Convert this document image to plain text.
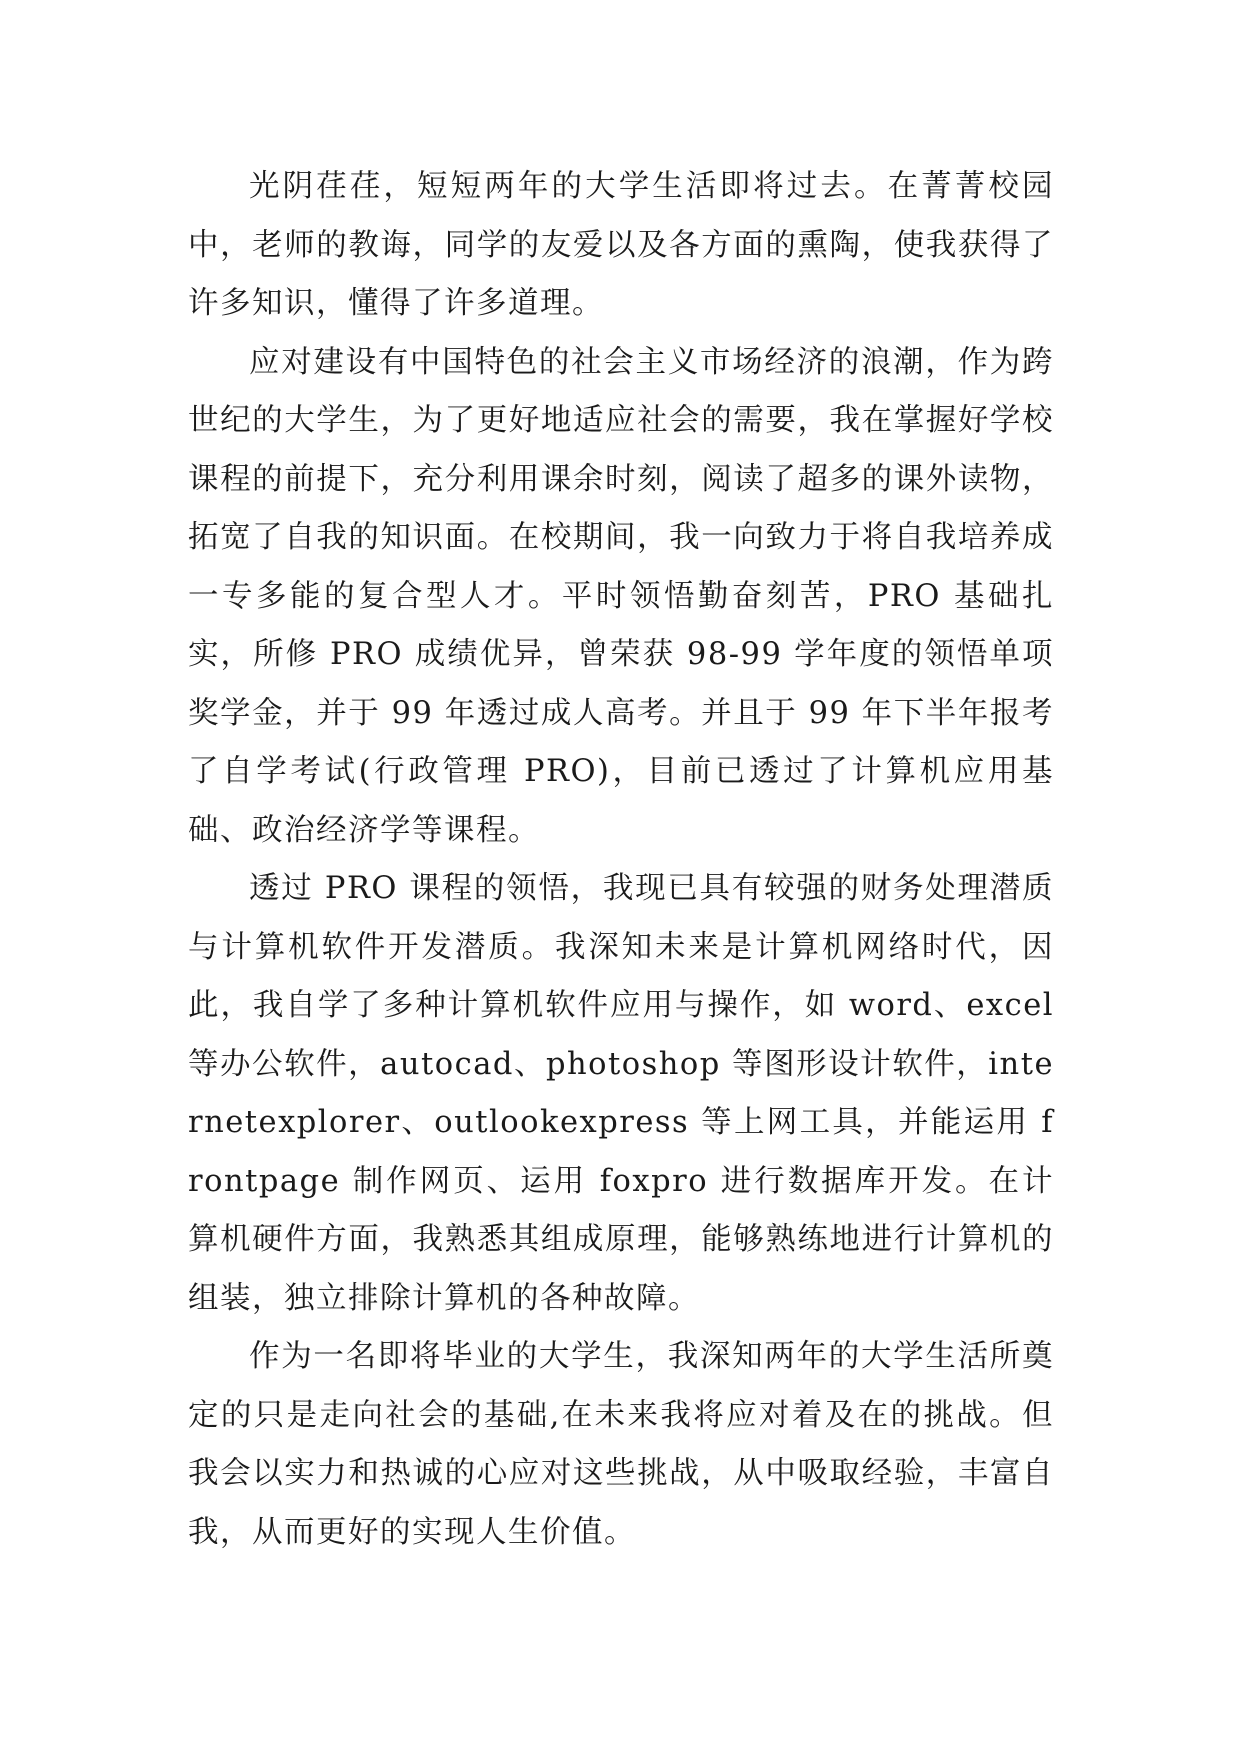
光阴荏荏，短短两年的大学生活即将过去。在菁菁校园中，老师的教诲，同学的友爱以及各方面的熏陶，使我获得了许多知识，懂得了许多道理。

应对建设有中国特色的社会主义市场经济的浪潮，作为跨世纪的大学生，为了更好地适应社会的需要，我在掌握好学校课程的前提下，充分利用课余时刻，阅读了超多的课外读物，拓宽了自我的知识面。在校期间，我一向致力于将自我培养成一专多能的复合型人才。平时领悟勤奋刻苦，PRO 基础扎实，所修 PRO 成绩优异，曾荣获 98-99 学年度的领悟单项奖学金，并于 99 年透过成人高考。并且于 99 年下半年报考了自学考试(行政管理 PRO)，目前已透过了计算机应用基础、政治经济学等课程。

透过 PRO 课程的领悟，我现已具有较强的财务处理潜质与计算机软件开发潜质。我深知未来是计算机网络时代，因此，我自学了多种计算机软件应用与操作，如 word、excel 等办公软件，autocad、photoshop 等图形设计软件，internetexplorer、outlookexpress 等上网工具，并能运用 frontpage 制作网页、运用 foxpro 进行数据库开发。在计算机硬件方面，我熟悉其组成原理，能够熟练地进行计算机的组装，独立排除计算机的各种故障。

作为一名即将毕业的大学生，我深知两年的大学生活所奠定的只是走向社会的基础,在未来我将应对着及在的挑战。但我会以实力和热诚的心应对这些挑战，从中吸取经验，丰富自我，从而更好的实现人生价值。
